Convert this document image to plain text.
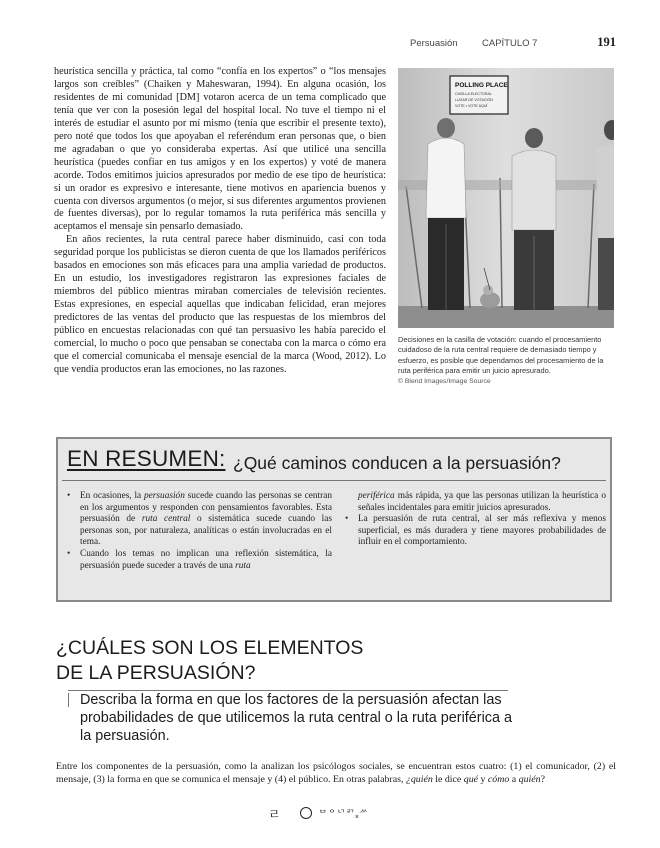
Persuasión	CAPÍTULO 7	191

heurística sencilla y práctica, tal como “confía en los expertos” o “los mensajes largos son creíbles” (Chaiken y Maheswaran, 1994). En alguna ocasión, los residentes de mi comunidad [DM] votaron acerca de un tema complicado que tenía que ver con la posesión legal del hospital local. No tuve el tiempo ni el interés de estudiar el asunto por mí mismo (tenía que escribir el presente texto), pero noté que todos los que apoyaban el referéndum eran personas que, o bien me agradaban o que yo consideraba expertas. Así que utilicé una sencilla heurística (puedes confiar en tus amigos y en los expertos) y voté de manera acorde. Todos emitimos juicios apresurados por medio de ese tipo de heurística: si un orador es expresivo e interesante, tiene motivos en apariencia buenos y cuenta con diversos argumentos (o mejor, si sus diferentes argumentos provienen de fuentes diversas), por lo regular tomamos la ruta periférica más sencilla y aceptamos el mensaje sin pensarlo demasiado.

En años recientes, la ruta central parece haber disminuido, casi con toda seguridad porque los publicistas se dieron cuenta de que los llamados periféricos basados en emociones son más eficaces para una amplia variedad de productos. En un estudio, los investigadores registraron las expresiones faciales de miembros del público mientras miraban comerciales de televisión recientes. Estas expresiones, en especial aquellas que indicaban felicidad, eran mejores predictores de las ventas del producto que las respuestas de los miembros del público en encuestas relacionadas con qué tan persuasivo les había parecido el comercial, lo mucho o poco que pensaban se conectaba con la marca o cómo era que el comercial comunicaba el mensaje esencial de la marca (Wood, 2012). Lo que vendía productos eran las emociones, no las razones.

POLLING PLACE
CASILLA ELECTORAL
LUGAR DE VOTACIÓN
VOTE • VOTE AQUÍ
Decisiones en la casilla de votación: cuando el procesamiento cuidadoso de la ruta central requiere de demasiado tiempo y esfuerzo, es posible que dependamos del procesamiento de la ruta periférica para emitir un juicio apresurado.
© Blend Images/Image Source
EN RESUMEN: ¿Qué caminos conducen a la persuasión?
• En ocasiones, la persuasión sucede cuando las personas se centran en los argumentos y responden con pensamientos favorables. Esta persuasión de ruta central o sistemática sucede cuando las personas son, por naturaleza, analíticas o están involucradas en el tema.
• Cuando los temas no implican una reflexión sistemática, la persuasión puede suceder a través de una ruta
periférica más rápida, ya que las personas utilizan la heurística o señales incidentales para emitir juicios apresurados.
• La persuasión de ruta central, al ser más reflexiva y menos superficial, es más duradera y tiene mayores probabilidades de influir en el comportamiento.
¿CUÁLES SON LOS ELEMENTOS
DE LA PERSUASIÓN?
Describa la forma en que los factores de la persuasión afectan las probabilidades de que utilicemos la ruta central o la ruta periférica a la persuasión.

Entre los componentes de la persuasión, como la analizan los psicólogos sociales, se encuentran estos cuatro: (1) el comunicador, (2) el mensaje, (3) la forma en que se comunica el mensaje y (4) el público. En otras palabras, ¿quién le dice qué y cómo a quién?

ㄹ	ᄆᄋᄓᄅᄀ᙮ᄽ
